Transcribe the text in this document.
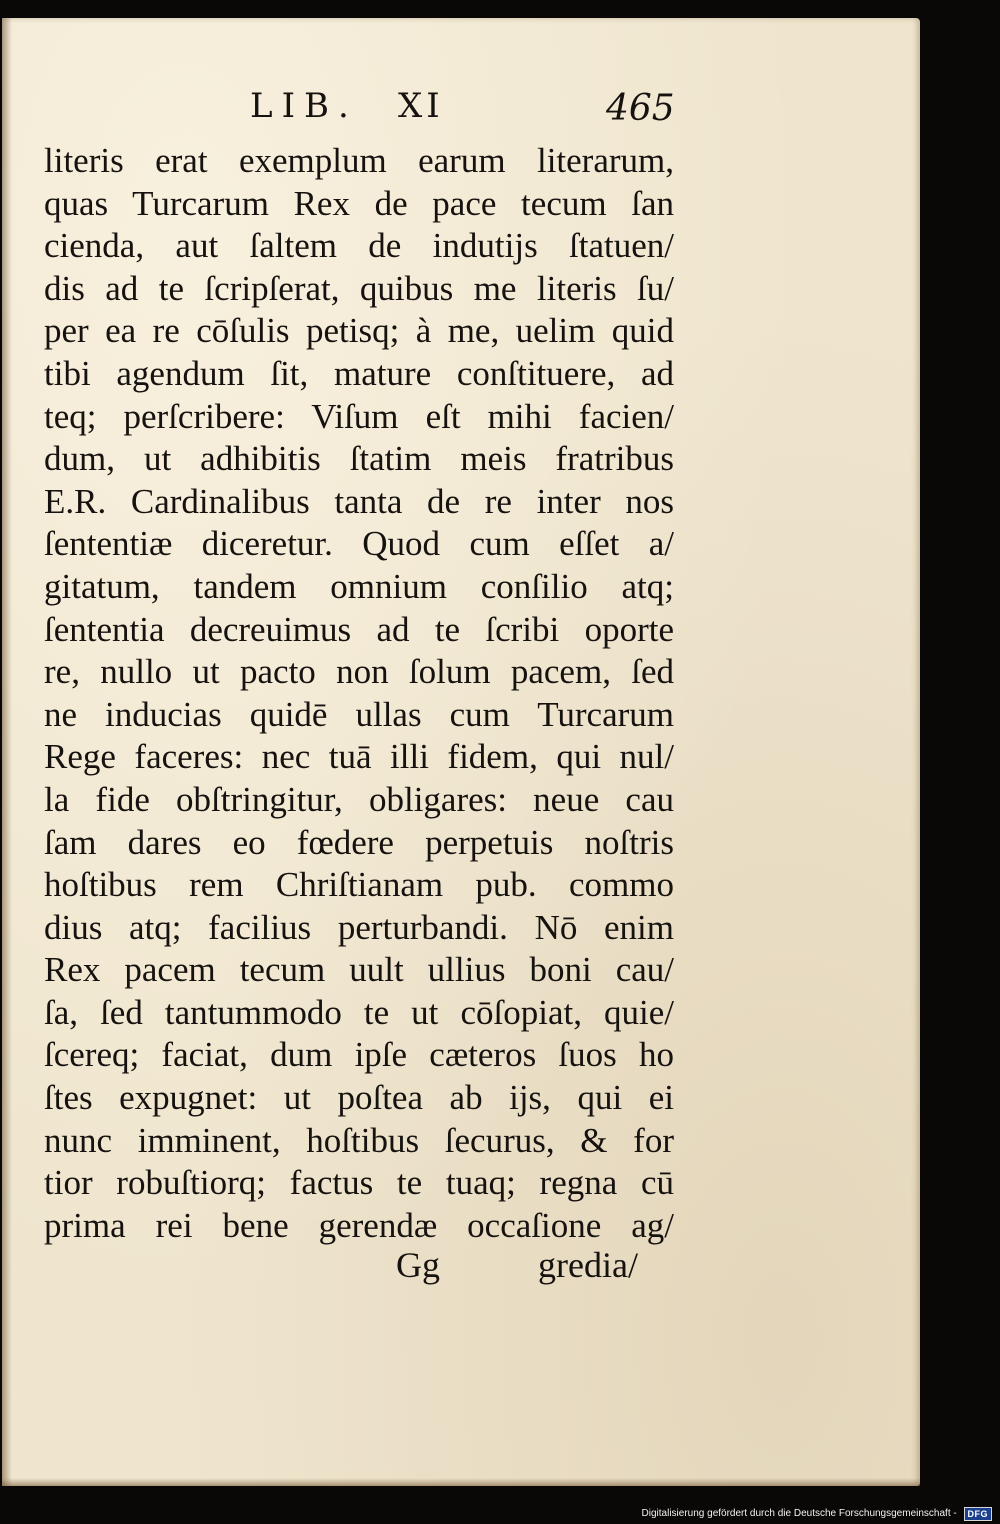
LIB. XI	465
literis erat exemplum earum literarum,
quas Turcarum Rex de pace tecum ſan
cienda, aut ſaltem de indutijs ſtatuen/
dis ad te ſcripſerat, quibus me literis ſu/
per ea re cōſulis petisq; à me, uelim quid
tibi agendum ſit, mature conſtituere, ad
teq; perſcribere: Viſum eſt mihi facien/
dum, ut adhibitis ſtatim meis fratribus
E.R. Cardinalibus tanta de re inter nos
ſententiæ diceretur. Quod cum eſſet a/
gitatum, tandem omnium conſilio atq;
ſententia decreuimus ad te ſcribi oporte
re, nullo ut pacto non ſolum pacem, ſed
ne inducias quidē ullas cum Turcarum
Rege faceres: nec tuā illi fidem, qui nul/
la fide obſtringitur, obligares: neue cau
ſam dares eo fœdere perpetuis noſtris
hoſtibus rem Chriſtianam pub. commo
dius atq; facilius perturbandi. Nō enim
Rex pacem tecum uult ullius boni cau/
ſa, ſed tantummodo te ut cōſopiat, quie/
ſcereq; faciat, dum ipſe cæteros ſuos ho
ſtes expugnet: ut poſtea ab ijs, qui ei
nunc imminent, hoſtibus ſecurus, & for
tior robuſtiorq; factus te tuaq; regna cū
prima rei bene gerendæ occaſione ag/
Gg	gredia/
Digitalisierung gefördert durch die Deutsche Forschungsgemeinschaft - DFG
